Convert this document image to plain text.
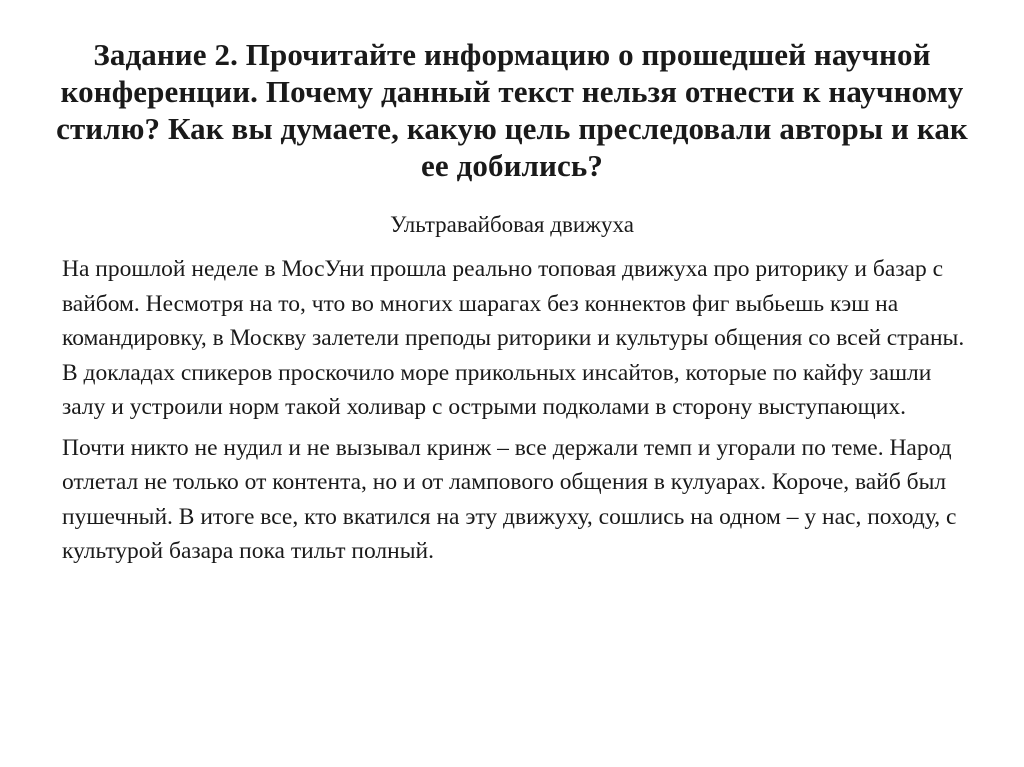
Задание 2. Прочитайте информацию о прошедшей научной конференции. Почему данный текст нельзя отнести к научному стилю? Как вы думаете, какую цель преследовали авторы и как ее добились?
Ультравайбовая движуха

На прошлой неделе в МосУни прошла реально топовая движуха про риторику и базар с вайбом. Несмотря на то, что во многих шарагах без коннектов фиг выбьешь кэш на командировку, в Москву залетели преподы риторики и культуры общения со всей страны. В докладах спикеров проскочило море прикольных инсайтов, которые по кайфу зашли залу и устроили норм такой холивар с острыми подколами в сторону выступающих.

Почти никто не нудил и не вызывал кринж – все держали темп и угорали по теме. Народ отлетал не только от контента, но и от лампового общения в кулуарах. Короче, вайб был пушечный. В итоге все, кто вкатился на эту движуху, сошлись на одном – у нас, походу, с культурой базара пока тильт полный.
